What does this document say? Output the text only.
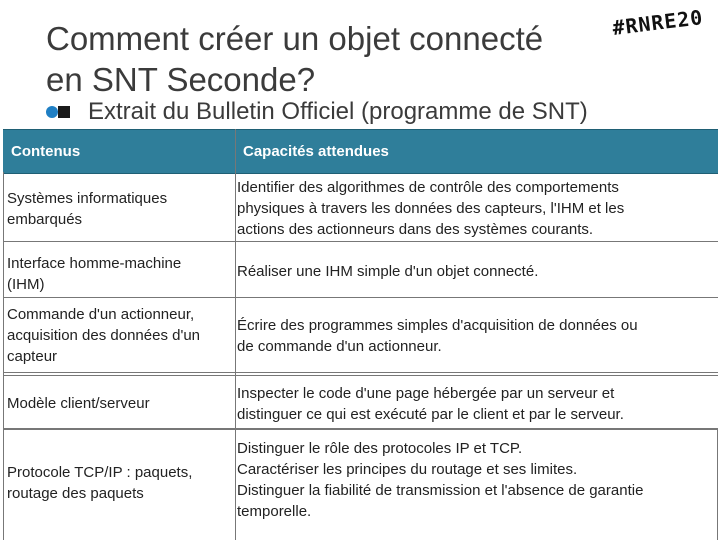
Comment créer un objet connecté
en SNT Seconde?
#RNRE20
Extrait du Bulletin Officiel (programme de SNT)
Contenus	Capacités attendues
Systèmes informatiques
embarqués
Identifier des algorithmes de contrôle des comportements
physiques à travers les données des capteurs, l'IHM et les
actions des actionneurs dans des systèmes courants.
Interface homme-machine
(IHM)
Réaliser une IHM simple d'un objet connecté.
Commande d'un actionneur,
acquisition des données d'un
capteur
Écrire des programmes simples d'acquisition de données ou
de commande d'un actionneur.
Modèle client/serveur
Inspecter le code d'une page hébergée par un serveur et
distinguer ce qui est exécuté par le client et par le serveur.
Protocole TCP/IP : paquets,
routage des paquets
Distinguer le rôle des protocoles IP et TCP.
Caractériser les principes du routage et ses limites.
Distinguer la fiabilité de transmission et l'absence de garantie
temporelle.
